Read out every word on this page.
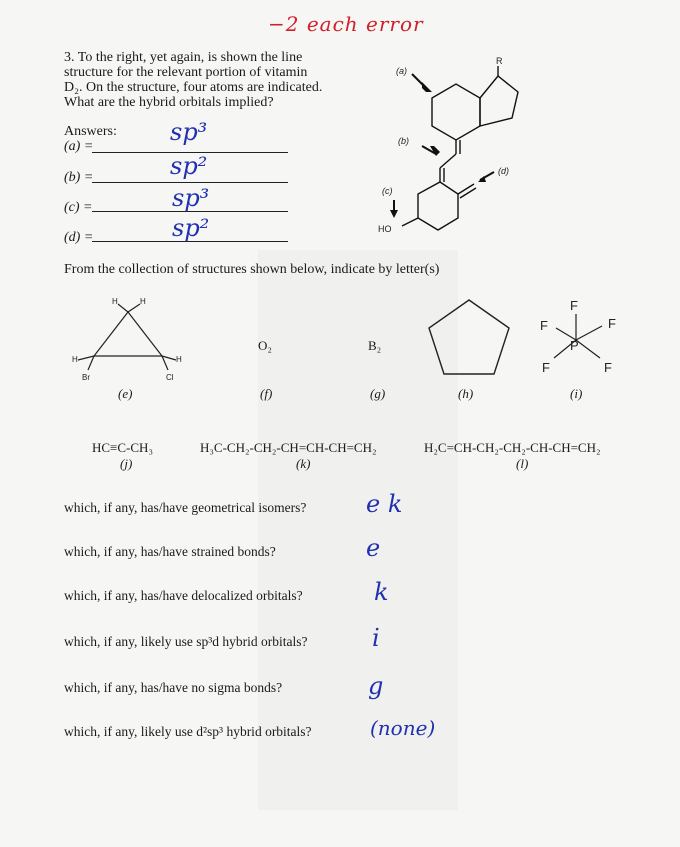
−2 each error
3. To the right, yet again, is shown the line
structure for the relevant portion of vitamin
D₂. On the structure, four atoms are indicated.
What are the hybrid orbitals implied?
Answers:
(a) =
sp³
(b) =	sp²
(c) =	sp³
(d) =	sp²
(a)
(b)
(c)
(d)
R
HO
From the collection of structures shown below, indicate by letter(s)
H	H
H	H
Br	Cl
(e)
O₂
(f)
B₂
(g)	(h)
F
F	F
P
F	F
(i)
HC≡C-CH₃
(j)
H₃C-CH₂-CH₂-CH=CH-CH=CH₂
(k)
H₂C=CH-CH₂-CH₂-CH-CH=CH₂
(l)
which, if any, has/have geometrical isomers? e k
which, if any, has/have strained bonds?	e
which, if any, has/have delocalized orbitals?	k
which, if any, likely use sp³d hybrid orbitals?	i
which, if any, has/have no sigma bonds?	g
which, if any, likely use d²sp³ hybrid orbitals?	(none)
